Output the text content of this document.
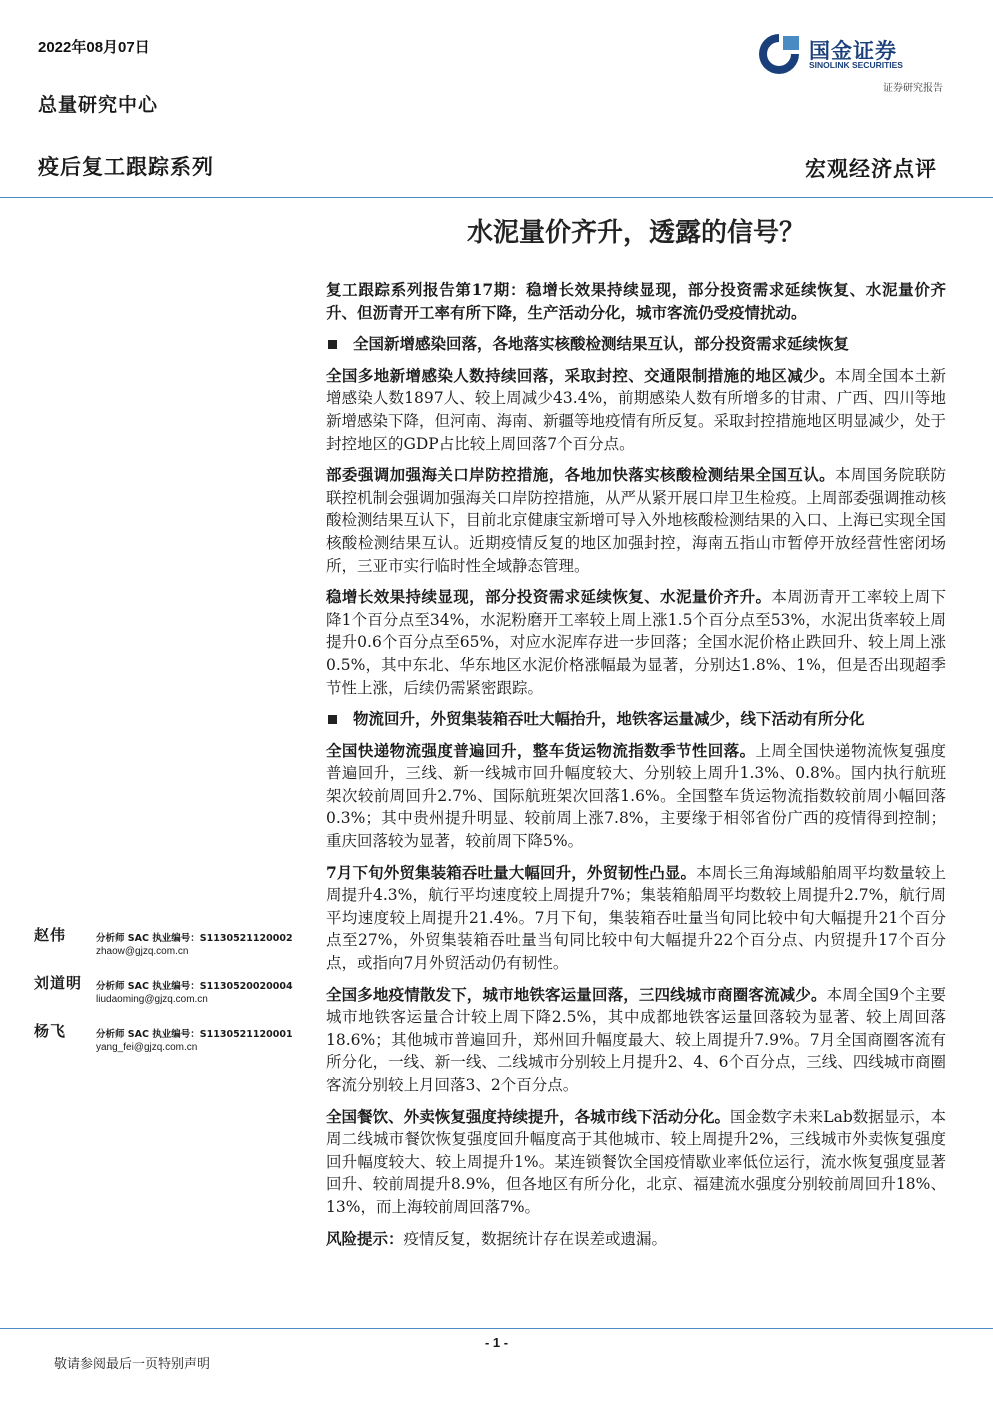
2022年08月07日
总量研究中心
疫后复工跟踪系列	宏观经济点评
国金证券
SINOLINK SECURITIES
证券研究报告
水泥量价齐升，透露的信号？

复工跟踪系列报告第17期：稳增长效果持续显现，部分投资需求延续恢复、水泥量价齐升、但沥青开工率有所下降，生产活动分化，城市客流仍受疫情扰动。

全国新增感染回落，各地落实核酸检测结果互认，部分投资需求延续恢复

全国多地新增感染人数持续回落，采取封控、交通限制措施的地区减少。本周全国本土新增感染人数1897人、较上周减少43.4%，前期感染人数有所增多的甘肃、广西、四川等地新增感染下降，但河南、海南、新疆等地疫情有所反复。采取封控措施地区明显减少，处于封控地区的GDP占比较上周回落7个百分点。

部委强调加强海关口岸防控措施，各地加快落实核酸检测结果全国互认。本周国务院联防联控机制会强调加强海关口岸防控措施，从严从紧开展口岸卫生检疫。上周部委强调推动核酸检测结果互认下，目前北京健康宝新增可导入外地核酸检测结果的入口、上海已实现全国核酸检测结果互认。近期疫情反复的地区加强封控，海南五指山市暂停开放经营性密闭场所，三亚市实行临时性全域静态管理。

稳增长效果持续显现，部分投资需求延续恢复、水泥量价齐升。本周沥青开工率较上周下降1个百分点至34%，水泥粉磨开工率较上周上涨1.5个百分点至53%，水泥出货率较上周提升0.6个百分点至65%，对应水泥库存进一步回落；全国水泥价格止跌回升、较上周上涨0.5%，其中东北、华东地区水泥价格涨幅最为显著，分别达1.8%、1%，但是否出现超季节性上涨，后续仍需紧密跟踪。

物流回升，外贸集装箱吞吐大幅抬升，地铁客运量减少，线下活动有所分化

全国快递物流强度普遍回升，整车货运物流指数季节性回落。上周全国快递物流恢复强度普遍回升，三线、新一线城市回升幅度较大、分别较上周升1.3%、0.8%。国内执行航班架次较前周回升2.7%、国际航班架次回落1.6%。全国整车货运物流指数较前周小幅回落0.3%；其中贵州提升明显、较前周上涨7.8%，主要缘于相邻省份广西的疫情得到控制；重庆回落较为显著，较前周下降5%。

7月下旬外贸集装箱吞吐量大幅回升，外贸韧性凸显。本周长三角海域船舶周平均数量较上周提升4.3%，航行平均速度较上周提升7%；集装箱船周平均数较上周提升2.7%，航行周平均速度较上周提升21.4%。7月下旬，集装箱吞吐量当旬同比较中旬大幅提升21个百分点至27%，外贸集装箱吞吐量当旬同比较中旬大幅提升22个百分点、内贸提升17个百分点，或指向7月外贸活动仍有韧性。

全国多地疫情散发下，城市地铁客运量回落，三四线城市商圈客流减少。本周全国9个主要城市地铁客运量合计较上周下降2.5%，其中成都地铁客运量回落较为显著、较上周回落18.6%；其他城市普遍回升，郑州回升幅度最大、较上周提升7.9%。7月全国商圈客流有所分化，一线、新一线、二线城市分别较上月提升2、4、6个百分点，三线、四线城市商圈客流分别较上月回落3、2个百分点。

全国餐饮、外卖恢复强度持续提升，各城市线下活动分化。国金数字未来Lab数据显示，本周二线城市餐饮恢复强度回升幅度高于其他城市、较上周提升2%，三线城市外卖恢复强度回升幅度较大、较上周提升1%。某连锁餐饮全国疫情歇业率低位运行，流水恢复强度显著回升、较前周提升8.9%，但各地区有所分化，北京、福建流水强度分别较前周回升18%、13%，而上海较前周回落7%。

风险提示：疫情反复，数据统计存在误差或遗漏。

赵伟	分析师 SAC 执业编号：S1130521120002
zhaow@gjzq.com.cn
刘道明 分析师 SAC 执业编号：S1130520020004
liudaoming@gjzq.com.cn
杨飞	分析师 SAC 执业编号：S1130521120001
yang_fei@gjzq.com.cn
- 1 -
敬请参阅最后一页特别声明
